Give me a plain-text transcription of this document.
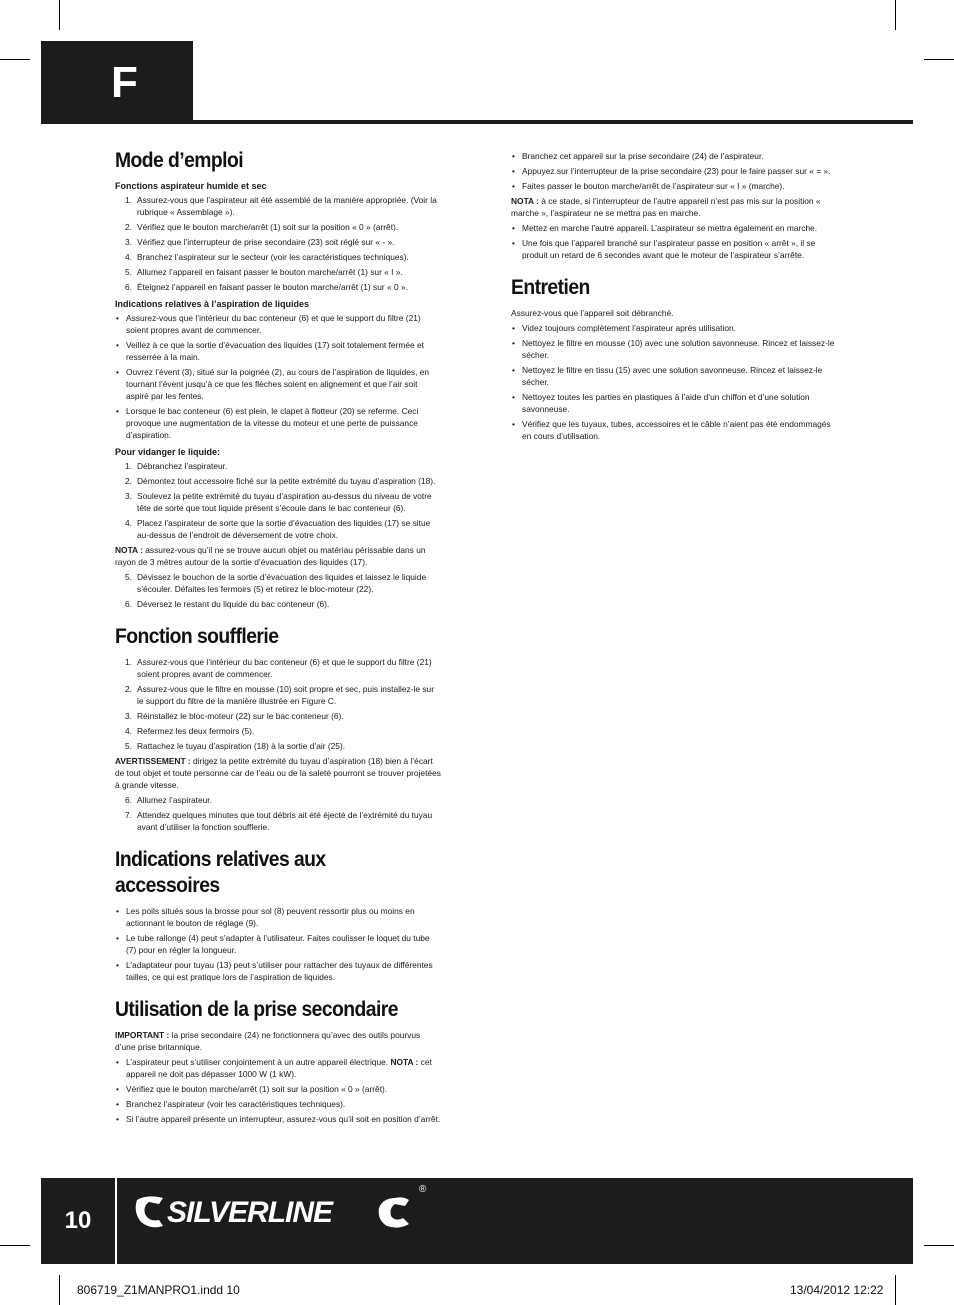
F
Mode d’emploi
Fonctions aspirateur humide et sec
1. Assurez-vous que l’aspirateur ait été assemblé de la manière appropriée. (Voir la rubrique « Assemblage »).
2. Vérifiez que le bouton marche/arrêt (1) soit sur la position « 0 » (arrêt).
3. Vérifiez que l’interrupteur de prise secondaire (23) soit réglé sur « - ».
4. Branchez l’aspirateur sur le secteur (voir les caractéristiques techniques).
5. Allumez l’appareil en faisant passer le bouton marche/arrêt (1) sur « I ».
6. Éteignez l’appareil en faisant passer le bouton marche/arrêt (1) sur « 0 ».
Indications relatives à l’aspiration de liquides
• Assurez-vous que l’intérieur du bac conteneur (6) et que le support du filtre (21) soient propres avant de commencer.
• Veillez à ce que la sortie d’évacuation des liquides (17) soit totalement fermée et resserrée à la main.
• Ouvrez l’évent (3), situé sur la poignée (2), au cours de l’aspiration de liquides, en tournant l’évent jusqu’à ce que les flèches soient en alignement et que l’air soit aspiré par les fentes.
• Lorsque le bac conteneur (6) est plein, le clapet à flotteur (20) se referme. Ceci provoque une augmentation de la vitesse du moteur et une perte de puissance d’aspiration.
Pour vidanger le liquide:
1. Débranchez l’aspirateur.
2. Démontez tout accessoire fiché sur la petite extrémité du tuyau d’aspiration (18).
3. Soulevez la petite extrémité du tuyau d’aspiration au-dessus du niveau de votre tête de sorte que tout liquide présent s’écoule dans le bac conteneur (6).
4. Placez l’aspirateur de sorte que la sortie d’évacuation des liquides (17) se situe au-dessus de l’endroit de déversement de votre choix.

NOTA : assurez-vous qu’il ne se trouve aucun objet ou matériau périssable dans un rayon de 3 mètres autour de la sortie d’évacuation des liquides (17).

5. Dévissez le bouchon de la sortie d’évacuation des liquides et laissez le liquide s’écouler. Défaites les fermoirs (5) et retirez le bloc-moteur (22).
6. Déversez le restant du liquide du bac conteneur (6).
Fonction soufflerie
1. Assurez-vous que l’intérieur du bac conteneur (6) et que le support du filtre (21) soient propres avant de commencer.
2. Assurez-vous que le filtre en mousse (10) soit propre et sec, puis installez-le sur le support du filtre de la manière illustrée en Figure C.
3. Réinstallez le bloc-moteur (22) sur le bac conteneur (6).
4. Refermez les deux fermoirs (5).
5. Rattachez le tuyau d’aspiration (18) à la sortie d’air (25).

AVERTISSEMENT : dirigez la petite extrémité du tuyau d’aspiration (18) bien à l’écart de tout objet et toute personne car de l’eau ou de la saleté pourront se trouver projetées à grande vitesse.

6. Allumez l’aspirateur.
7. Attendez quelques minutes que tout débris ait été éjecté de l’extrémité du tuyau avant d’utiliser la fonction soufflerie.
Indications relatives aux accessoires
• Les poils situés sous la brosse pour sol (8) peuvent ressortir plus ou moins en actionnant le bouton de réglage (9).
• Le tube rallonge (4) peut s’adapter à l’utilisateur. Faites coulisser le loquet du tube (7) pour en régler la longueur.
• L’adaptateur pour tuyau (13) peut s’utiliser pour rattacher des tuyaux de différentes tailles, ce qui est pratique lors de l’aspiration de liquides.
Utilisation de la prise secondaire

IMPORTANT : la prise secondaire (24) ne fonctionnera qu’avec des outils pourvus d’une prise britannique.

• L’aspirateur peut s’utiliser conjointement à un autre appareil électrique. NOTA : cet appareil ne doit pas dépasser 1000 W (1 kW).
• Vérifiez que le bouton marche/arrêt (1) soit sur la position « 0 » (arrêt).
• Branchez l’aspirateur (voir les caractéristiques techniques).
• Si l’autre appareil présente un interrupteur, assurez-vous qu’il soit en position d’arrêt.
• Branchez cet appareil sur la prise secondaire (24) de l’aspirateur.
• Appuyez sur l’interrupteur de la prise secondaire (23) pour le faire passer sur « = ».
• Faites passer le bouton marche/arrêt de l’aspirateur sur « I » (marche).

NOTA : à ce stade, si l’interrupteur de l’autre appareil n’est pas mis sur la position « marche », l’aspirateur ne se mettra pas en marche.

• Mettez en marche l’autre appareil. L’aspirateur se mettra également en marche.
• Une fois que l’appareil branché sur l’aspirateur passe en position « arrêt », il se produit un retard de 6 secondes avant que le moteur de l’aspirateur s’arrête.
Entretien

Assurez-vous que l’appareil soit débranché.

• Videz toujours complètement l’aspirateur après utilisation.
• Nettoyez le filtre en mousse (10) avec une solution savonneuse. Rincez et laissez-le sécher.
• Nettoyez le filtre en tissu (15) avec une solution savonneuse. Rincez et laissez-le sécher.
• Nettoyez toutes les parties en plastiques à l’aide d’un chiffon et d’une solution savonneuse.
• Vérifiez que les tuyaux, tubes, accessoires et le câble n’aient pas été endommagés en cours d’utilisation.
10	SILVERLINE
®
806719_Z1MANPRO1.indd 10	13/04/2012 12:22
